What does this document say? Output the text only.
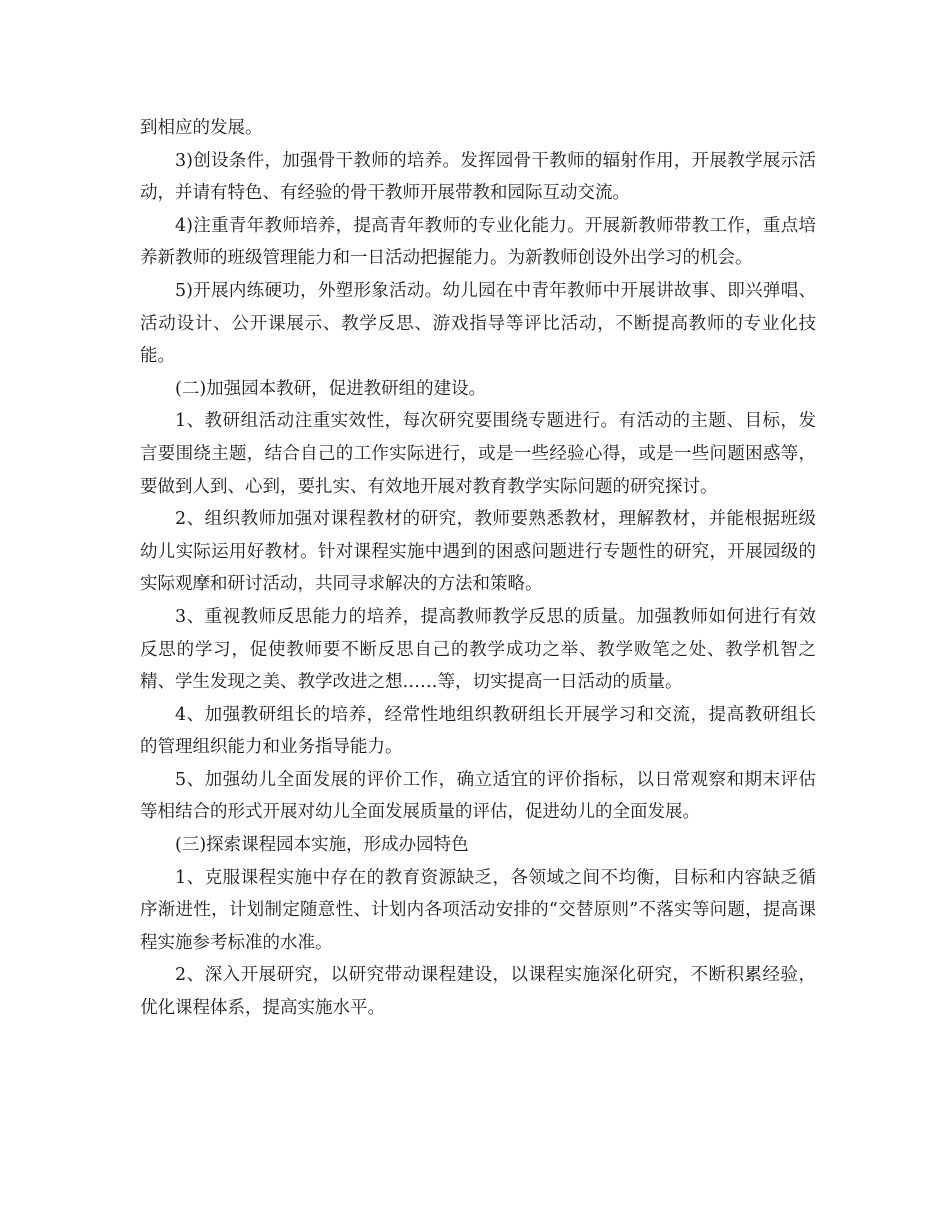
到相应的发展。

3)创设条件，加强骨干教师的培养。发挥园骨干教师的辐射作用，开展教学展示活动，并请有特色、有经验的骨干教师开展带教和园际互动交流。

4)注重青年教师培养，提高青年教师的专业化能力。开展新教师带教工作，重点培养新教师的班级管理能力和一日活动把握能力。为新教师创设外出学习的机会。

5)开展内练硬功，外塑形象活动。幼儿园在中青年教师中开展讲故事、即兴弹唱、活动设计、公开课展示、教学反思、游戏指导等评比活动，不断提高教师的专业化技能。

(二)加强园本教研，促进教研组的建设。

1、教研组活动注重实效性，每次研究要围绕专题进行。有活动的主题、目标，发言要围绕主题，结合自己的工作实际进行，或是一些经验心得，或是一些问题困惑等，要做到人到、心到，要扎实、有效地开展对教育教学实际问题的研究探讨。

2、组织教师加强对课程教材的研究，教师要熟悉教材，理解教材，并能根据班级幼儿实际运用好教材。针对课程实施中遇到的困惑问题进行专题性的研究，开展园级的实际观摩和研讨活动，共同寻求解决的方法和策略。

3、重视教师反思能力的培养，提高教师教学反思的质量。加强教师如何进行有效反思的学习，促使教师要不断反思自己的教学成功之举、教学败笔之处、教学机智之精、学生发现之美、教学改进之想……等，切实提高一日活动的质量。

4、加强教研组长的培养，经常性地组织教研组长开展学习和交流，提高教研组长的管理组织能力和业务指导能力。

5、加强幼儿全面发展的评价工作，确立适宜的评价指标，以日常观察和期末评估等相结合的形式开展对幼儿全面发展质量的评估，促进幼儿的全面发展。

(三)探索课程园本实施，形成办园特色

1、克服课程实施中存在的教育资源缺乏，各领域之间不均衡，目标和内容缺乏循序渐进性，计划制定随意性、计划内各项活动安排的“交替原则”不落实等问题，提高课程实施参考标准的水准。

2、深入开展研究，以研究带动课程建设，以课程实施深化研究，不断积累经验，优化课程体系，提高实施水平。
